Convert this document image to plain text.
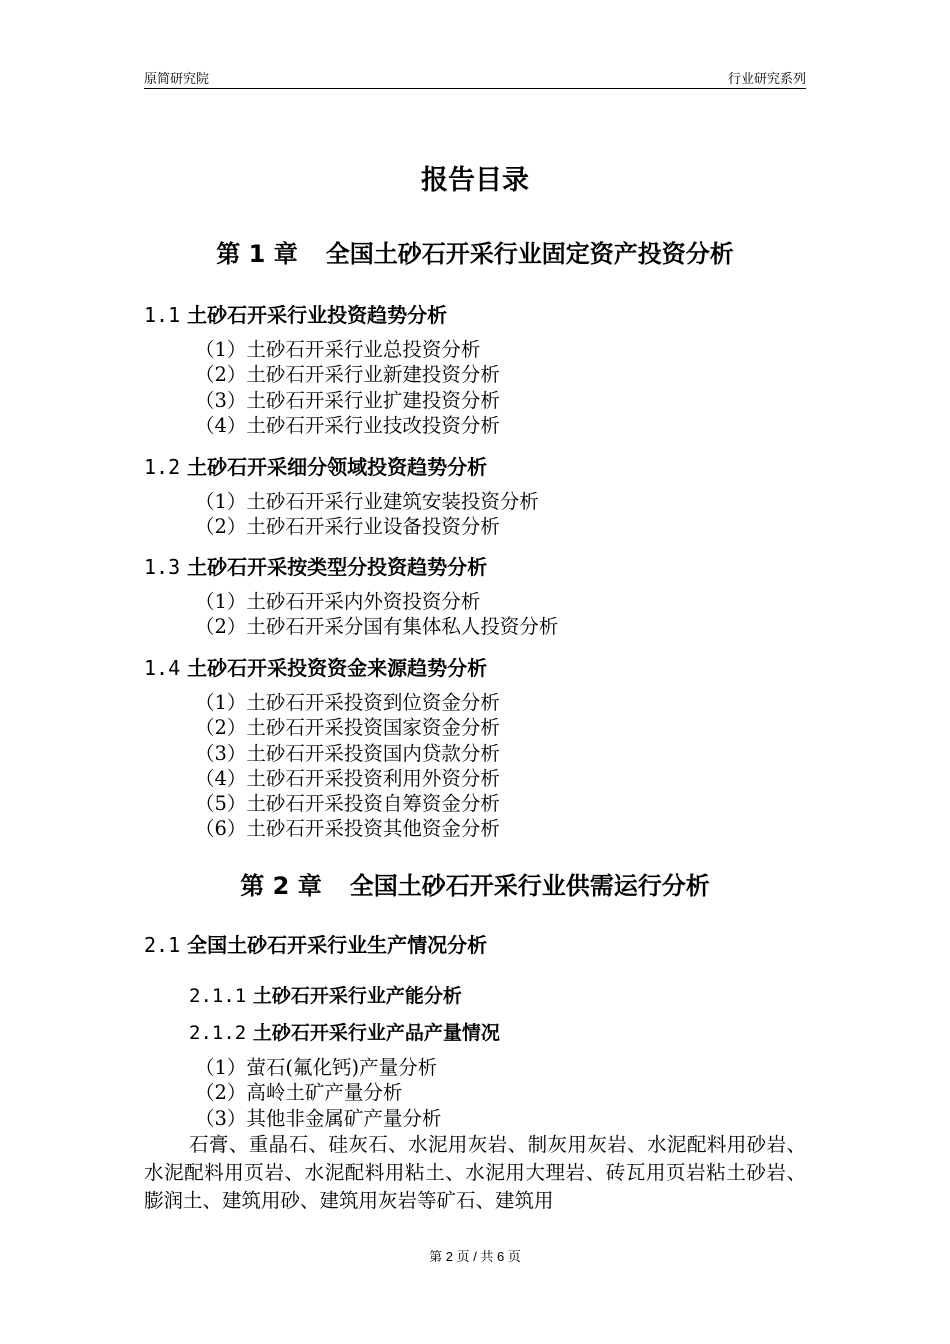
原简研究院	行业研究系列
报告目录
第 1 章 全国土砂石开采行业固定资产投资分析
1.1 土砂石开采行业投资趋势分析
（1）土砂石开采行业总投资分析
（2）土砂石开采行业新建投资分析
（3）土砂石开采行业扩建投资分析
（4）土砂石开采行业技改投资分析
1.2 土砂石开采细分领域投资趋势分析
（1）土砂石开采行业建筑安装投资分析
（2）土砂石开采行业设备投资分析
1.3 土砂石开采按类型分投资趋势分析
（1）土砂石开采内外资投资分析
（2）土砂石开采分国有集体私人投资分析
1.4 土砂石开采投资资金来源趋势分析
（1）土砂石开采投资到位资金分析
（2）土砂石开采投资国家资金分析
（3）土砂石开采投资国内贷款分析
（4）土砂石开采投资利用外资分析
（5）土砂石开采投资自筹资金分析
（6）土砂石开采投资其他资金分析
第 2 章 全国土砂石开采行业供需运行分析
2.1 全国土砂石开采行业生产情况分析
2.1.1 土砂石开采行业产能分析
2.1.2 土砂石开采行业产品产量情况
（1）萤石(氟化钙)产量分析
（2）高岭土矿产量分析
（3）其他非金属矿产量分析
石膏、重晶石、硅灰石、水泥用灰岩、制灰用灰岩、水泥配料用砂岩、水泥配料用页岩、水泥配料用粘土、水泥用大理岩、砖瓦用页岩粘土砂岩、膨润土、建筑用砂、建筑用灰岩等矿石、建筑用
第 2 页 / 共 6 页
